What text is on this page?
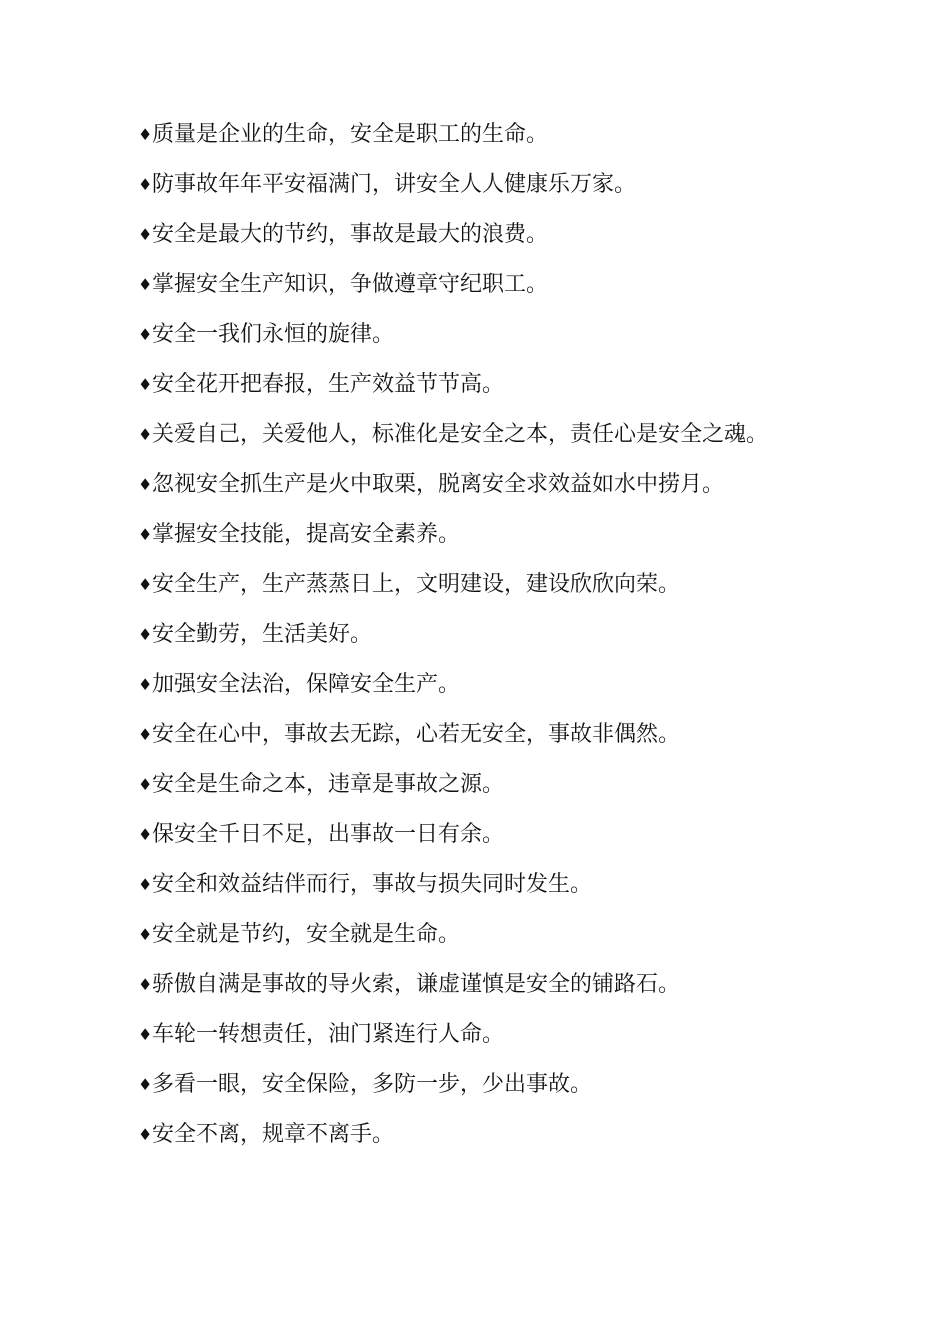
♦质量是企业的生命，安全是职工的生命。
♦防事故年年平安福满门，讲安全人人健康乐万家。
♦安全是最大的节约，事故是最大的浪费。
♦掌握安全生产知识，争做遵章守纪职工。
♦安全一我们永恒的旋律。
♦安全花开把春报，生产效益节节高。
♦关爱自己，关爱他人，标准化是安全之本，责任心是安全之魂。
♦忽视安全抓生产是火中取栗，脱离安全求效益如水中捞月。
♦掌握安全技能，提高安全素养。
♦安全生产，生产蒸蒸日上，文明建设，建设欣欣向荣。
♦安全勤劳，生活美好。
♦加强安全法治，保障安全生产。
♦安全在心中，事故去无踪，心若无安全，事故非偶然。
♦安全是生命之本，违章是事故之源。
♦保安全千日不足，出事故一日有余。
♦安全和效益结伴而行，事故与损失同时发生。
♦安全就是节约，安全就是生命。
♦骄傲自满是事故的导火索，谦虚谨慎是安全的铺路石。
♦车轮一转想责任，油门紧连行人命。
♦多看一眼，安全保险，多防一步，少出事故。
♦安全不离，规章不离手。
